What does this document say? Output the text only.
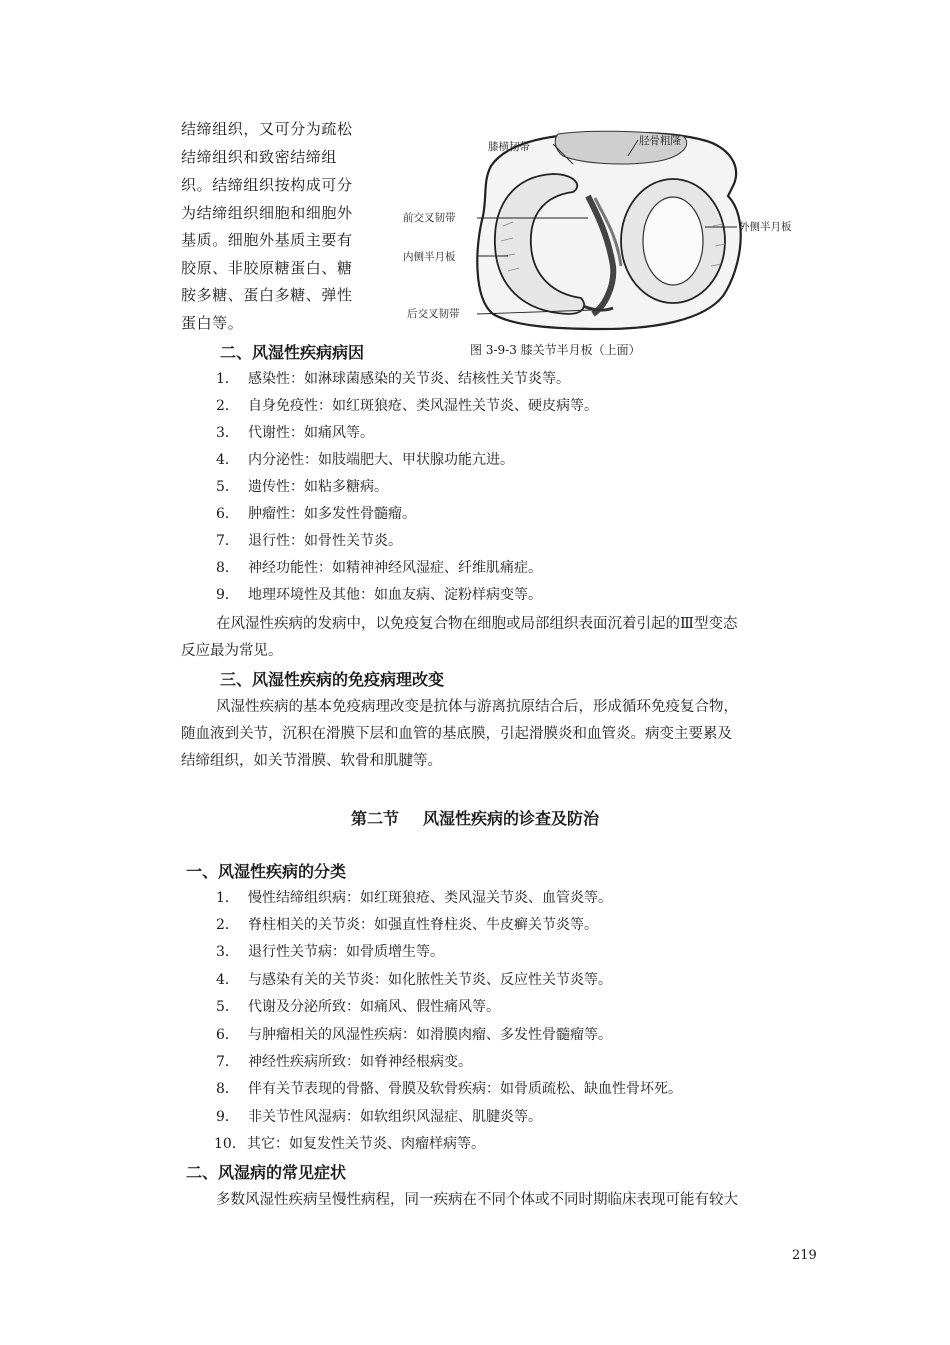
结缔组织，又可分为疏松
结缔组织和致密结缔组
织。结缔组织按构成可分
为结缔组织细胞和细胞外
基质。细胞外基质主要有
胶原、非胶原糖蛋白、糖
胺多糖、蛋白多糖、弹性
蛋白等。
膝横韧带	胫骨粗隆
前交叉韧带
外侧半月板
内侧半月板
后交叉韧带
图 3-9-3 膝关节半月板（上面）
二、风湿性疾病病因
1． 感染性：如淋球菌感染的关节炎、结核性关节炎等。
2． 自身免疫性：如红斑狼疮、类风湿性关节炎、硬皮病等。
3． 代谢性：如痛风等。
4． 内分泌性：如肢端肥大、甲状腺功能亢进。
5． 遗传性：如粘多糖病。
6． 肿瘤性：如多发性骨髓瘤。
7． 退行性：如骨性关节炎。
8． 神经功能性：如精神神经风湿症、纤维肌痛症。
9． 地理环境性及其他：如血友病、淀粉样病变等。
在风湿性疾病的发病中，以免疫复合物在细胞或局部组织表面沉着引起的Ⅲ型变态
反应最为常见。
三、风湿性疾病的免疫病理改变
风湿性疾病的基本免疫病理改变是抗体与游离抗原结合后，形成循环免疫复合物，
随血液到关节，沉积在滑膜下层和血管的基底膜，引起滑膜炎和血管炎。病变主要累及
结缔组织，如关节滑膜、软骨和肌腱等。
第二节 风湿性疾病的诊查及防治
一、风湿性疾病的分类
1． 慢性结缔组织病：如红斑狼疮、类风湿关节炎、血管炎等。
2． 脊柱相关的关节炎：如强直性脊柱炎、牛皮癣关节炎等。
3． 退行性关节病：如骨质增生等。
4． 与感染有关的关节炎：如化脓性关节炎、反应性关节炎等。
5． 代谢及分泌所致：如痛风、假性痛风等。
6． 与肿瘤相关的风湿性疾病：如滑膜肉瘤、多发性骨髓瘤等。
7． 神经性疾病所致：如脊神经根病变。
8． 伴有关节表现的骨骼、骨膜及软骨疾病：如骨质疏松、缺血性骨坏死。
9． 非关节性风湿病：如软组织风湿症、肌腱炎等。
10．其它：如复发性关节炎、肉瘤样病等。
二、风湿病的常见症状
多数风湿性疾病呈慢性病程，同一疾病在不同个体或不同时期临床表现可能有较大
219
